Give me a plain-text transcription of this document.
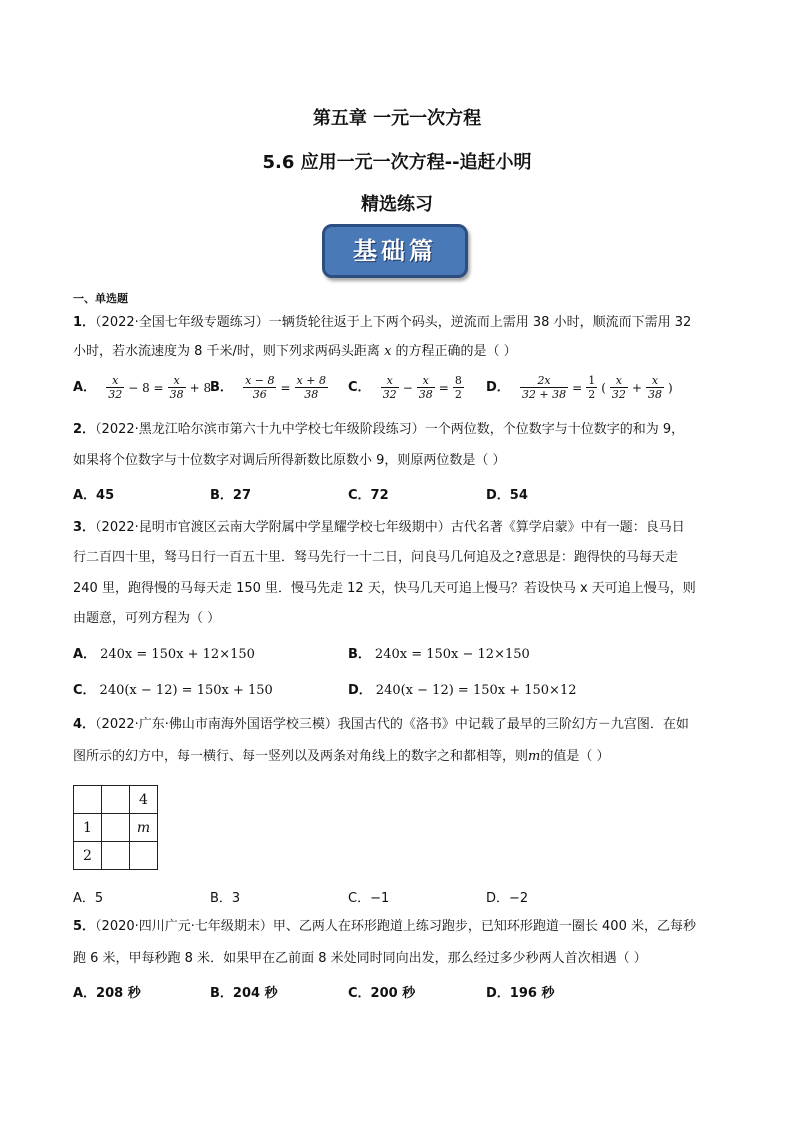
第五章 一元一次方程
5.6 应用一元一次方程--追赶小明
精选练习
基础篇
一、单选题
1．（2022·全国七年级专题练习）一辆货轮往返于上下两个码头，逆流而上需用 38 小时，顺流而下需用 32
小时，若水流速度为 8 千米/时，则下列求两码头距离 x 的方程正确的是（ ）
A． $\frac{x}{32} - 8 = \frac{x}{38} + 8$
B． $\frac{x - 8}{36} = \frac{x + 8}{38}$ C． $\frac{x}{32} - \frac{x}{38} = \frac{8}{2}$ D． $\frac{2x}{32 + 38} = \frac{1}{2}$ ( $\frac{x}{32} + \frac{x}{38}$ )
2．（2022·黑龙江哈尔滨市第六十九中学校七年级阶段练习）一个两位数，个位数字与十位数字的和为 9，
如果将个位数字与十位数字对调后所得新数比原数小 9，则原两位数是（ ）
A．45	B．27	C．72	D．54
3．（2022·昆明市官渡区云南大学附属中学星耀学校七年级期中）古代名著《算学启蒙》中有一题：良马日
行二百四十里，驽马日行一百五十里．驽马先行一十二日，问良马几何追及之?意思是：跑得快的马每天走
240 里，跑得慢的马每天走 150 里．慢马先走 12 天，快马几天可追上慢马？若设快马 x 天可追上慢马，则
由题意，可列方程为（ ）
A． 240x = 150x + 12×150	B． 240x = 150x − 12×150
C． 240(x − 12) = 150x + 150	D． 240(x − 12) = 150x + 150×12
4．（2022·广东·佛山市南海外国语学校三模）我国古代的《洛书》中记载了最早的三阶幻方－九宫图．在如
图所示的幻方中，每一横行、每一竖列以及两条对角线上的数字之和都相等，则m的值是（ ）
		4
1		m
2		
A．5	B．3	C．−1	D．−2
5．（2020·四川广元·七年级期末）甲、乙两人在环形跑道上练习跑步，已知环形跑道一圈长 400 米，乙每秒
跑 6 米，甲每秒跑 8 米．如果甲在乙前面 8 米处同时同向出发，那么经过多少秒两人首次相遇（ ）
A．208 秒	B．204 秒	C．200 秒	D．196 秒
